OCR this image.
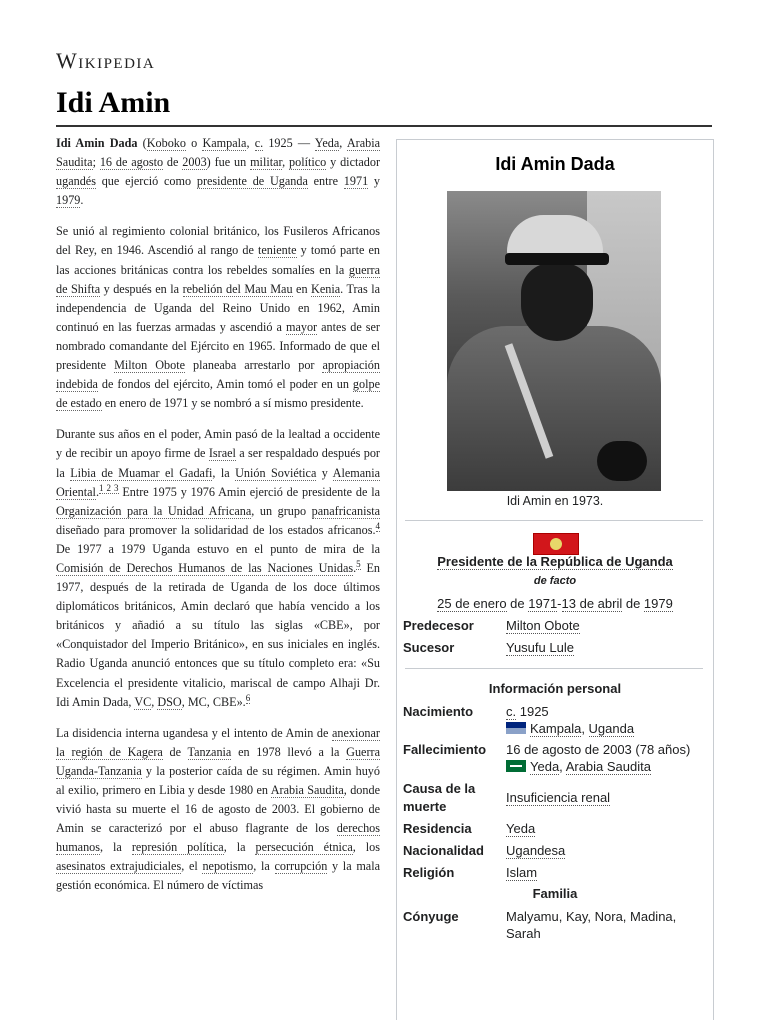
Wikipedia
Idi Amin

Idi Amin Dada (Koboko o Kampala, c. 1925 — Yeda, Arabia Saudita; 16 de agosto de 2003) fue un militar, político y dictador ugandés que ejerció como presidente de Uganda entre 1971 y 1979.

Se unió al regimiento colonial británico, los Fusileros Africanos del Rey, en 1946. Ascendió al rango de teniente y tomó parte en las acciones británicas contra los rebeldes somalíes en la guerra de Shifta y después en la rebelión del Mau Mau en Kenia. Tras la independencia de Uganda del Reino Unido en 1962, Amin continuó en las fuerzas armadas y ascendió a mayor antes de ser nombrado comandante del Ejército en 1965. Informado de que el presidente Milton Obote planeaba arrestarlo por apropiación indebida de fondos del ejército, Amin tomó el poder en un golpe de estado en enero de 1971 y se nombró a sí mismo presidente.

Durante sus años en el poder, Amin pasó de la lealtad a occidente y de recibir un apoyo firme de Israel a ser respaldado después por la Libia de Muamar el Gadafi, la Unión Soviética y Alemania Oriental.$^{1 2 3}$ Entre 1975 y 1976 Amin ejerció de presidente de la Organización para la Unidad Africana, un grupo panafricanista diseñado para promover la solidaridad de los estados africanos.$^4$ De 1977 a 1979 Uganda estuvo en el punto de mira de la Comisión de Derechos Humanos de las Naciones Unidas.$^5$ En 1977, después de la retirada de Uganda de los doce últimos diplomáticos británicos, Amin declaró que había vencido a los británicos y añadió a su título las siglas «CBE», por «Conquistador del Imperio Británico», en sus iniciales en inglés. Radio Uganda anunció entonces que su título completo era: «Su Excelencia el presidente vitalicio, mariscal de campo Alhaji Dr. Idi Amin Dada, VC, DSO, MC, CBE».$^6$

La disidencia interna ugandesa y el intento de Amin de anexionar la región de Kagera de Tanzania en 1978 llevó a la Guerra Uganda-Tanzania y la posterior caída de su régimen. Amin huyó al exilio, primero en Libia y desde 1980 en Arabia Saudita, donde vivió hasta su muerte el 16 de agosto de 2003. El gobierno de Amin se caracterizó por el abuso flagrante de los derechos humanos, la represión política, la persecución étnica, los asesinatos extrajudiciales, el nepotismo, la corrupción y la mala gestión económica. El número de víctimas

Idi Amin Dada
Idi Amin en 1973.
Presidente de la República de Uganda
de facto
25 de enero de 1971-13 de abril de 1979
Predecesor	Milton Obote
Sucesor	Yusufu Lule
Información personal
Nacimiento	c. 1925
Kampala, Uganda
Fallecimiento	16 de agosto de 2003 (78 años)
Yeda, Arabia Saudita
Causa de la muerte
Insuficiencia renal
Residencia	Yeda
Nacionalidad	Ugandesa
Religión	Islam
Familia
Cónyuge	Malyamu, Kay, Nora, Madina, Sarah
